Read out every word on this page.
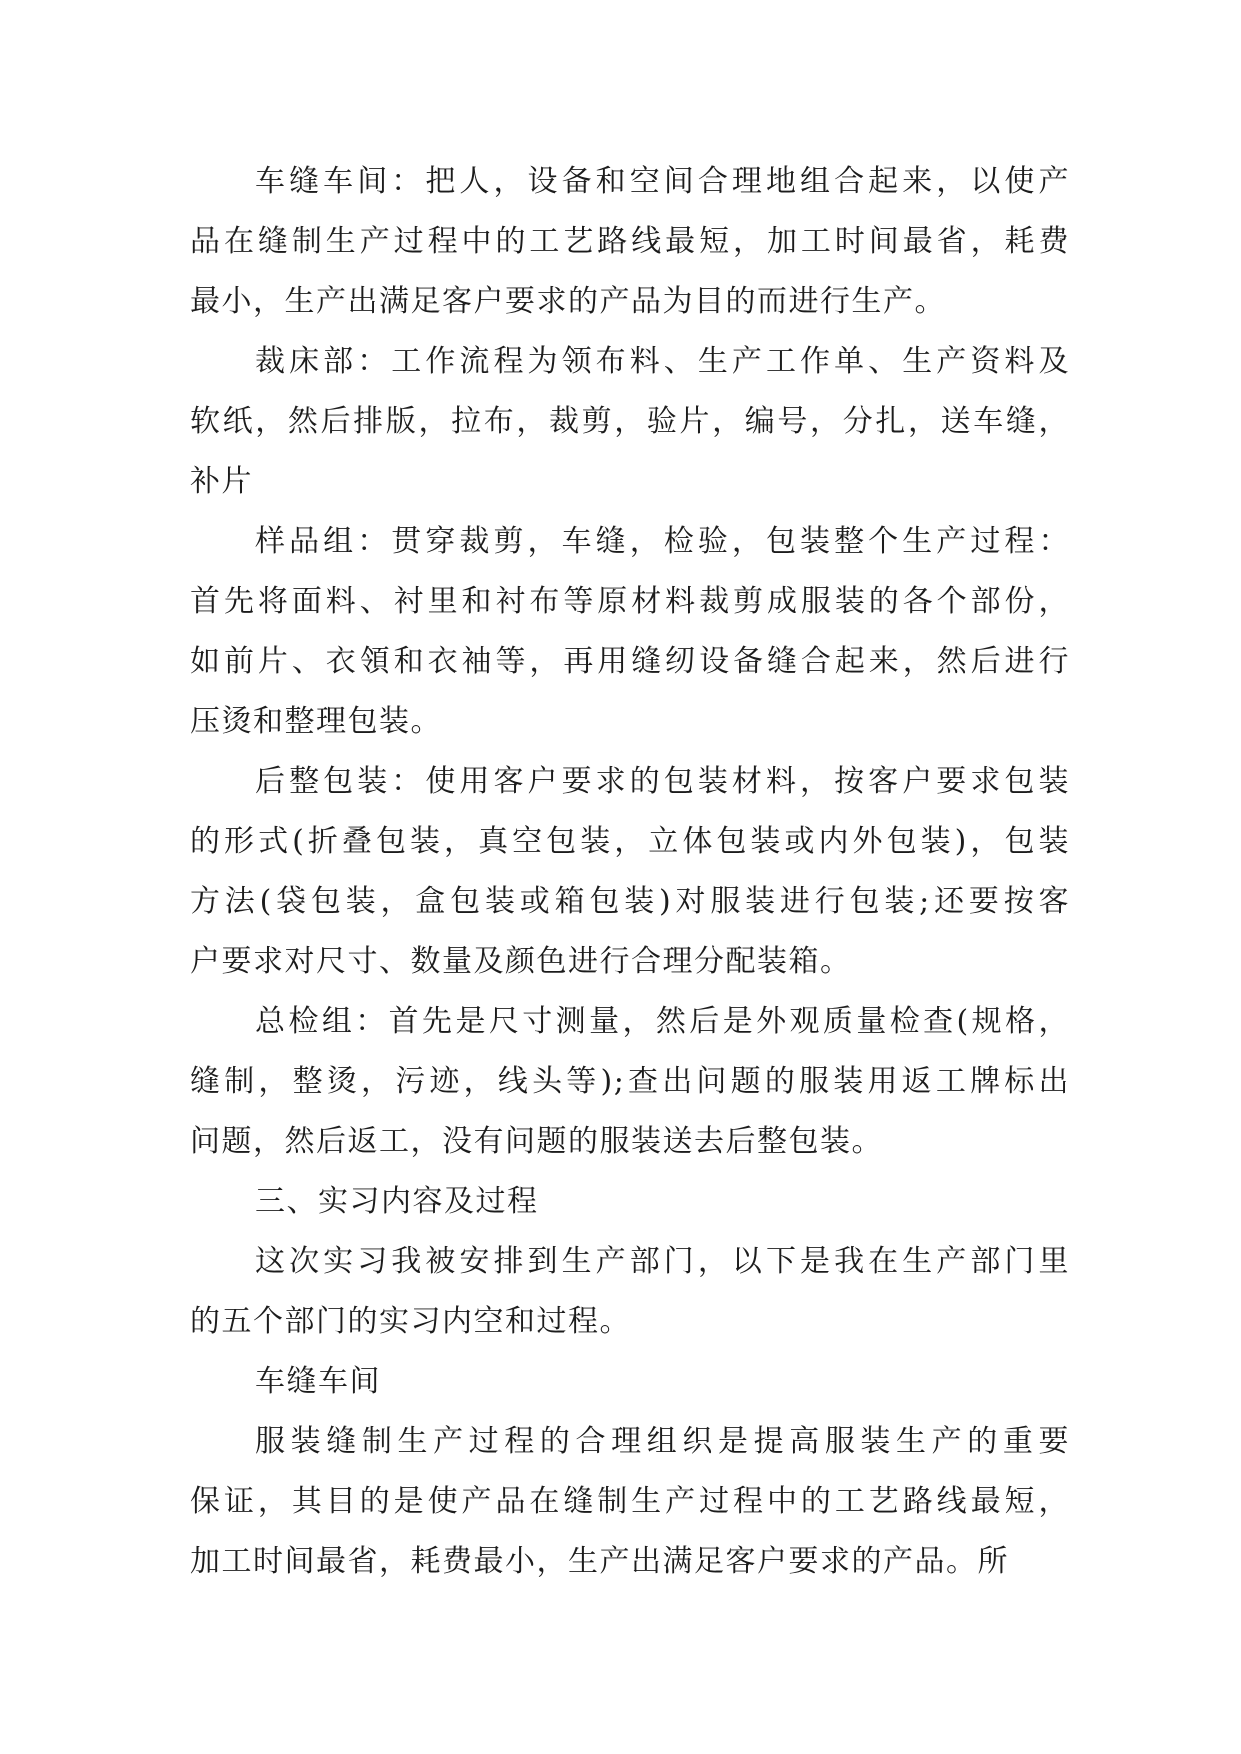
车缝车间：把人，设备和空间合理地组合起来，以使产
品在缝制生产过程中的工艺路线最短，加工时间最省，耗费
最小，生产出满足客户要求的产品为目的而进行生产。
裁床部：工作流程为领布料、生产工作单、生产资料及
软纸，然后排版，拉布，裁剪，验片，编号，分扎，送车缝，
补片
样品组：贯穿裁剪，车缝，检验，包装整个生产过程：
首先将面料、衬里和衬布等原材料裁剪成服装的各个部份，
如前片、衣領和衣袖等，再用缝纫设备缝合起来，然后进行
压烫和整理包装。
后整包装：使用客户要求的包装材料，按客户要求包装
的形式(折叠包装，真空包装，立体包装或内外包装)，包装
方法(袋包装，盒包装或箱包装)对服装进行包装;还要按客
户要求对尺寸、数量及颜色进行合理分配装箱。
总检组：首先是尺寸测量，然后是外观质量检查(规格，
缝制，整烫，污迹，线头等);查出问题的服装用返工牌标出
问题，然后返工，没有问题的服装送去后整包装。
三、实习内容及过程
这次实习我被安排到生产部门，以下是我在生产部门里
的五个部门的实习内空和过程。
车缝车间
服装缝制生产过程的合理组织是提高服装生产的重要
保证，其目的是使产品在缝制生产过程中的工艺路线最短，
加工时间最省，耗费最小，生产出满足客户要求的产品。所
